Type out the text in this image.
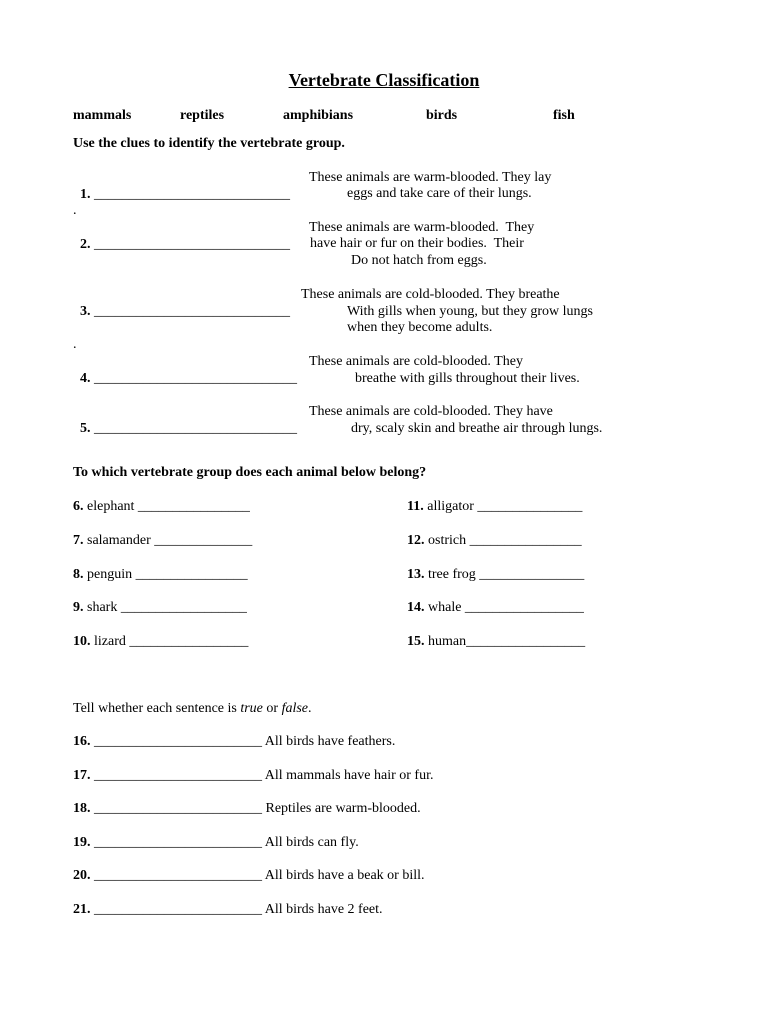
Vertebrate Classification
mammals	reptiles	amphibians	birds	fish
Use the clues to identify the vertebrate group.

1. ____________________________

These animals are warm-blooded. They lay
eggs and take care of their lungs.
.

2. ____________________________

These animals are warm-blooded.  They
have hair or fur on their bodies.  Their
Do not hatch from eggs.

3. ____________________________

These animals are cold-blooded. They breathe
With gills when young, but they grow lungs
when they become adults.
.

4. _____________________________

These animals are cold-blooded. They
breathe with gills throughout their lives.

5. _____________________________

These animals are cold-blooded. They have
dry, scaly skin and breathe air through lungs.
To which vertebrate group does each animal below belong?
6. elephant ________________
7. salamander ______________
8. penguin ________________
9. shark __________________
10. lizard _________________
11. alligator _______________
12. ostrich ________________
13. tree frog _______________
14. whale _________________
15. human_________________
Tell whether each sentence is true or false.
16. ________________________ All birds have feathers.
17. ________________________ All mammals have hair or fur.
18. ________________________ Reptiles are warm-blooded.
19. ________________________ All birds can fly.
20. ________________________ All birds have a beak or bill.
21. ________________________ All birds have 2 feet.
